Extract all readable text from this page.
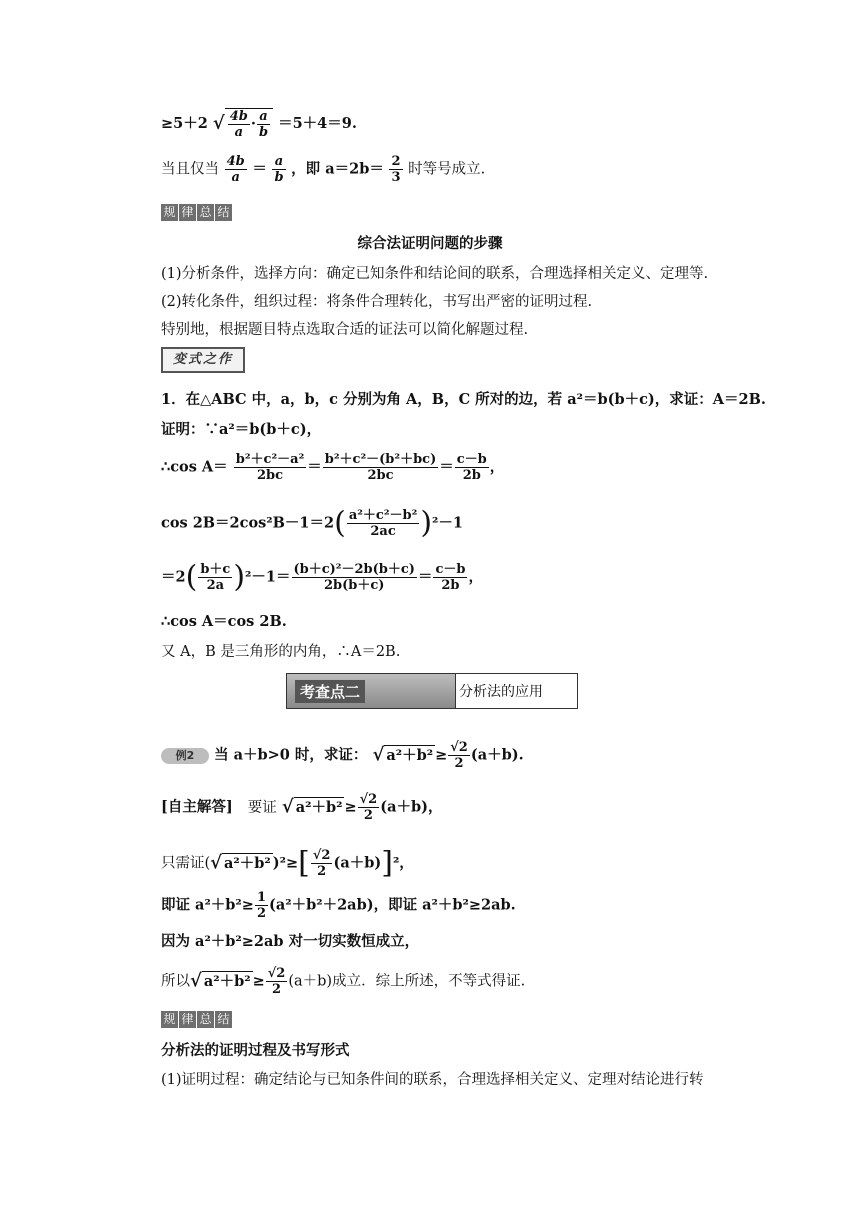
≥5＋2 √ $\frac{4b}{a} \cdot \frac{a}{b} =5+4=9$.
当且仅当 $\frac{4b}{a} = \frac{a}{b}$ ，即 $a=2b= \frac{2}{3}$ 时等号成立.
规 律 总 结
综合法证明问题的步骤
(1)分析条件，选择方向：确定已知条件和结论间的联系，合理选择相关定义、定理等.
(2)转化条件，组织过程：将条件合理转化，书写出严密的证明过程.
特别地，根据题目特点选取合适的证法可以简化解题过程.
变式之作
1．在△ABC 中，a，b，c 分别为角 A，B，C 所对的边，若 a²＝b(b＋c)，求证：A＝2B.
证明：∵a²＝b(b＋c)，
∴cos $A= \frac{\text{b²＋c²－a²}}{2bc} = \frac{\text{b²＋c²－(b²＋bc)}}{2bc} = \frac{c-b}{2b}$ ，
$\cos 2B=2\cos^2B-1=2( \frac{\text{a²＋c²－b²}}{2ac} )^2-1$
$=2( \frac{b+c}{2a} )^2-1= \frac{\text{(b＋c)²－2b(b＋c)}}{2b(b+c)} = \frac{c-b}{2b}$ ，
∴cos A＝cos 2B.
又 A，B 是三角形的内角，∴A＝2B.
考查点二	分析法的应用
例2 当 a＋b>0 时，求证： √ $a^2+b^2 \ge \frac{√2}{2} (a+b)$.
[自主解答] 要证 √ $a^2+b^2 \ge \frac{√2}{2} (a+b)$，
只需证(√ a²＋b² )$^2\ge[ \frac{√2}{2} (a+b)]^2$，
即证 $a^2+b^2\ge \frac{1}{2} (a^2+b^2+2ab)$，即证 a²＋b²≥2ab.
因为 a²＋b²≥2ab 对一切实数恒成立，
所以√ $a^2+b^2 \ge \frac{√2}{2} (a+b)$成立．综上所述，不等式得证.
规 律 总 结
分析法的证明过程及书写形式
(1)证明过程：确定结论与已知条件间的联系，合理选择相关定义、定理对结论进行转
